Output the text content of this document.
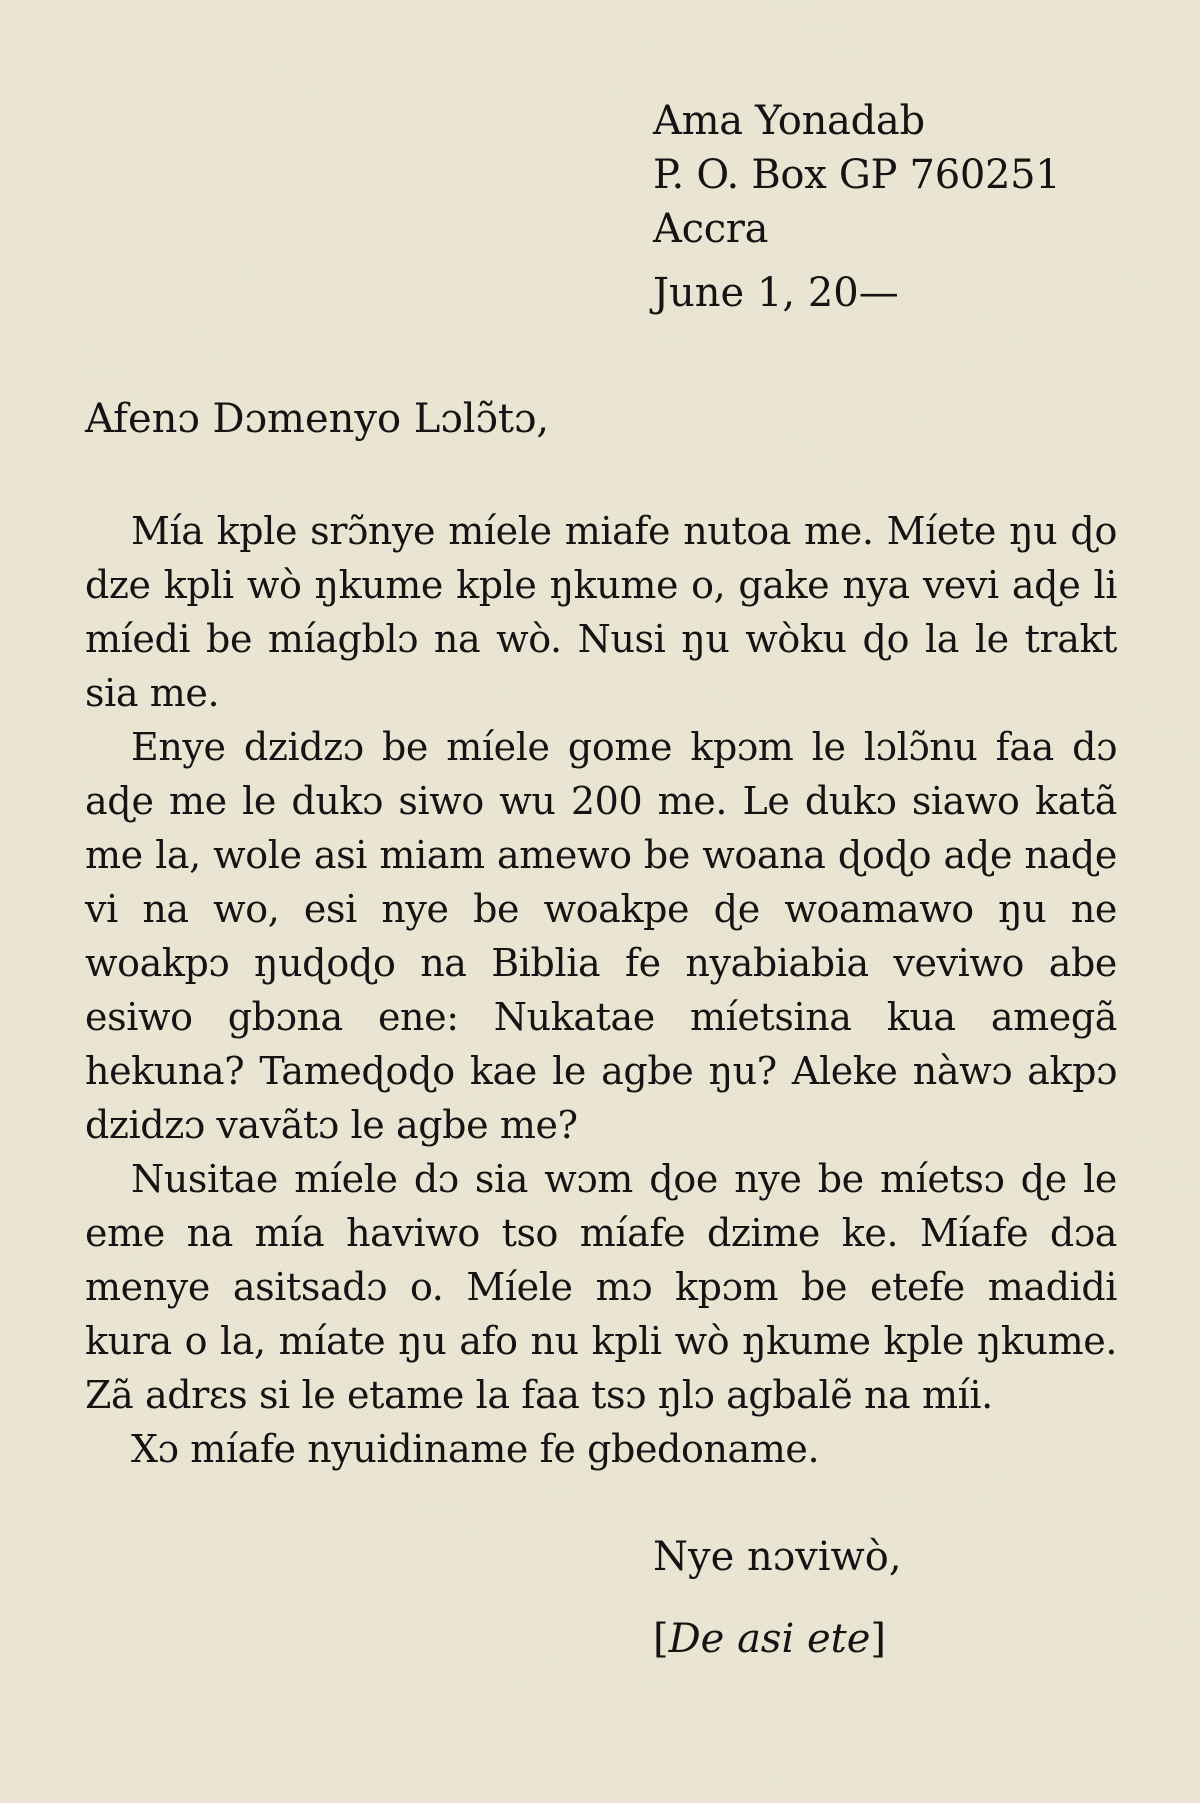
Ama Yonadab
P. O. Box GP 760251
Accra
June 1, 20—
Afenɔ Dɔmenyo Lɔlɔ̃tɔ,

Mía kple srɔ̃nye míele miafe nutoa me. Míete ŋu ɖo dze kpli wò ŋkume kple ŋkume o, gake nya vevi aɖe li míedi be míagblɔ na wò. Nusi ŋu wòku ɖo la le trakt sia me.

Enye dzidzɔ be míele gome kpɔm le lɔlɔ̃nu faa dɔ aɖe me le dukɔ siwo wu 200 me. Le dukɔ siawo katã me la, wole asi miam amewo be woana ɖoɖo aɖe naɖe vi na wo, esi nye be woakpe ɖe woamawo ŋu ne woakpɔ ŋuɖoɖo na Biblia fe nyabiabia veviwo abe esiwo gbɔna ene: Nukatae míetsina kua amegã hekuna? Tameɖoɖo kae le agbe ŋu? Aleke nàwɔ akpɔ dzidzɔ vavãtɔ le agbe me?

Nusitae míele dɔ sia wɔm ɖoe nye be míetsɔ ɖe le eme na mía haviwo tso míafe dzime ke. Míafe dɔa menye asitsadɔ o. Míele mɔ kpɔm be etefe madidi kura o la, míate ŋu afo nu kpli wò ŋkume kple ŋkume. Zã adrɛs si le etame la faa tsɔ ŋlɔ agbalẽ na míi.

Xɔ míafe nyuidiname fe gbedoname.

Nye nɔviwò,
[De asi ete]
